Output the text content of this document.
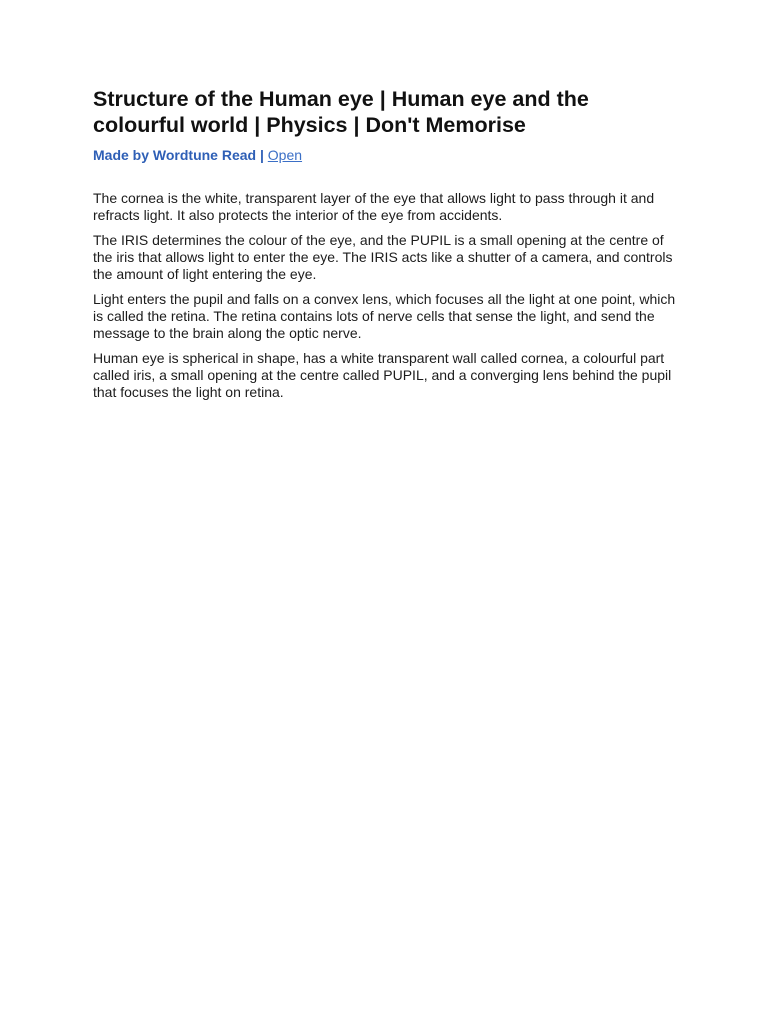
Structure of the Human eye | Human eye and the colourful world | Physics | Don't Memorise

Made by Wordtune Read | Open

The cornea is the white, transparent layer of the eye that allows light to pass through it and refracts light. It also protects the interior of the eye from accidents.

The IRIS determines the colour of the eye, and the PUPIL is a small opening at the centre of the iris that allows light to enter the eye. The IRIS acts like a shutter of a camera, and controls the amount of light entering the eye.

Light enters the pupil and falls on a convex lens, which focuses all the light at one point, which is called the retina. The retina contains lots of nerve cells that sense the light, and send the message to the brain along the optic nerve.

Human eye is spherical in shape, has a white transparent wall called cornea, a colourful part called iris, a small opening at the centre called PUPIL, and a converging lens behind the pupil that focuses the light on retina.
